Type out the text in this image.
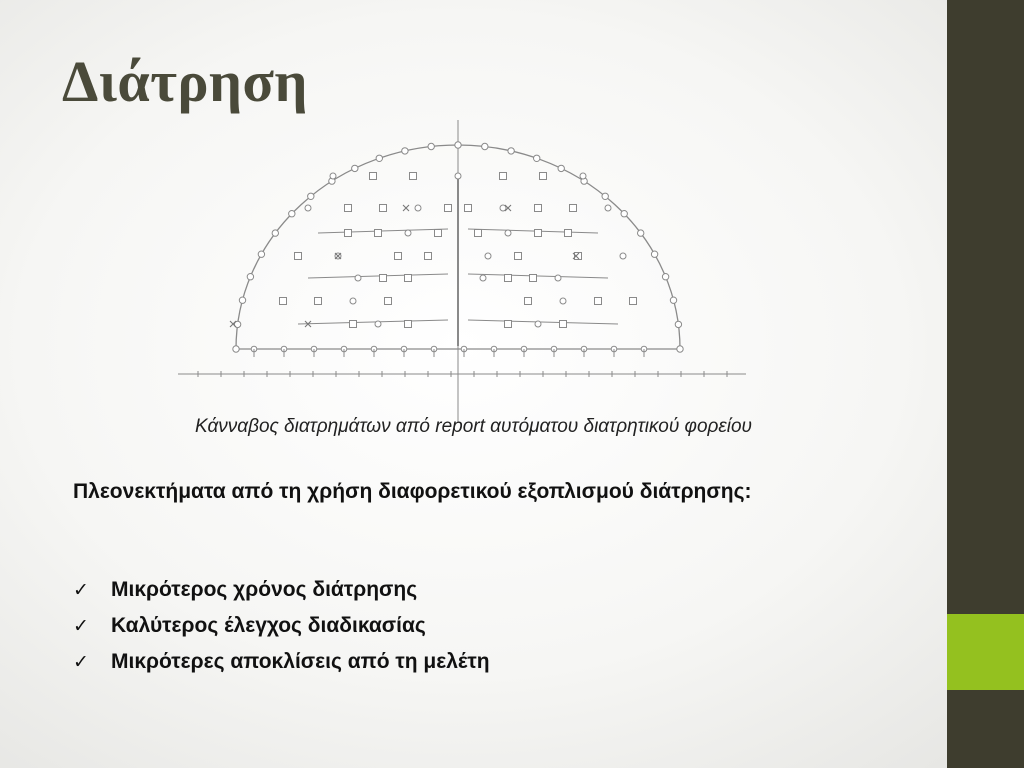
Διάτρηση
Κάνναβος διατρημάτων από report αυτόματου διατρητικού φορείου
Πλεονεκτήματα από τη χρήση διαφορετικού εξοπλισμού διάτρησης:
✓	Μικρότερος χρόνος διάτρησης
✓	Καλύτερος έλεγχος διαδικασίας
✓	Μικρότερες αποκλίσεις από τη μελέτη
